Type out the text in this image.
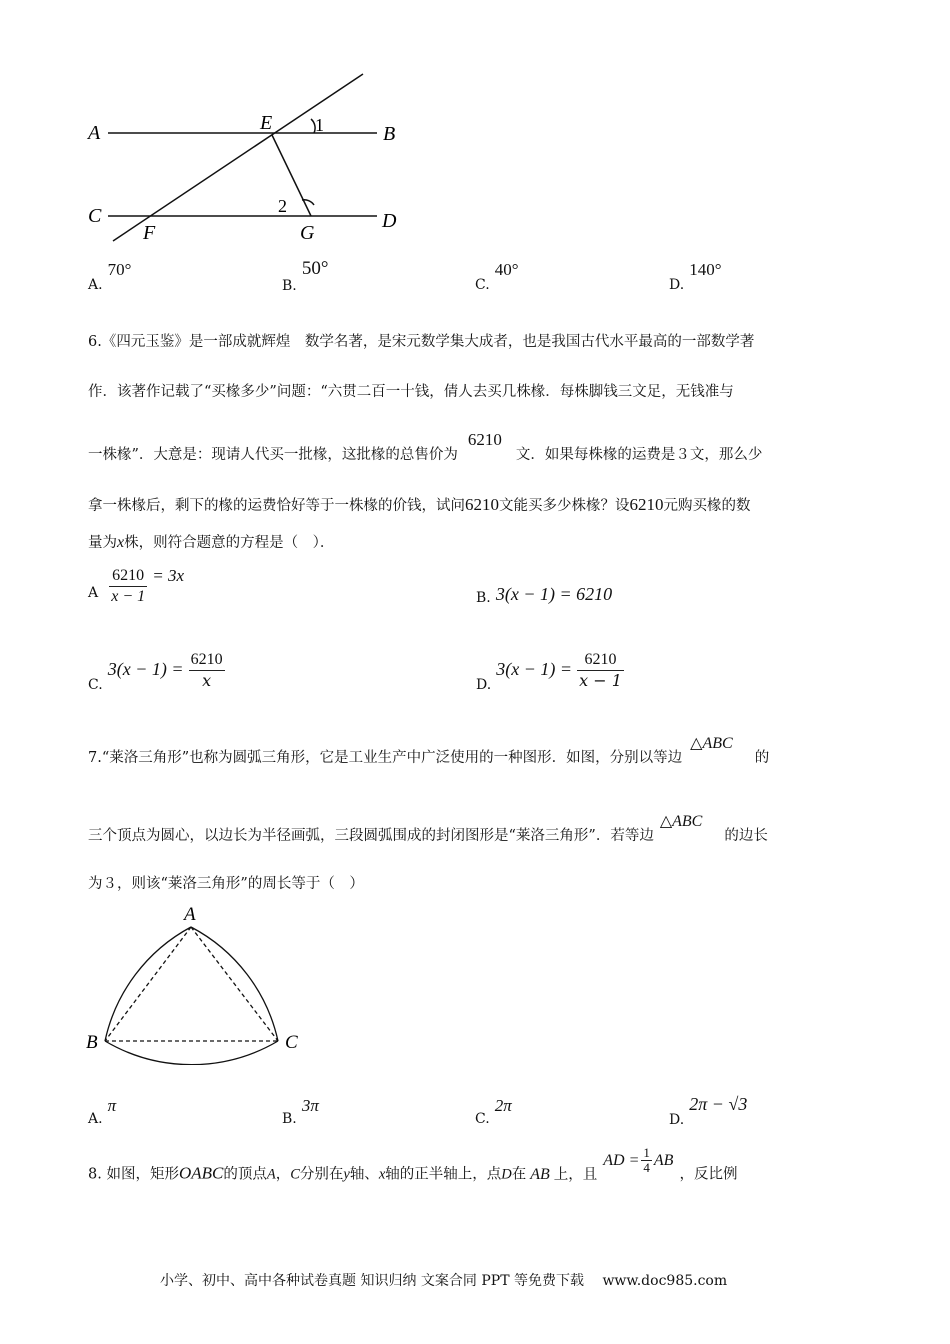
A	B
C	D
E
F	G
1
2
A. 70°
B. 50°
C. 40°
D. 140°
6.《四元玉鉴》是一部成就辉煌　数学名著，是宋元数学集大成者，也是我国古代水平最高的一部数学著
作．该著作记载了“买椽多少”问题：“六贯二百一十钱，倩人去买几株椽．每株脚钱三文足，无钱准与
一株椽”．大意是：现请人代买一批椽，这批椽的总售价为6210文．如果每株椽的运费是３文，那么少
拿一株椽后，剩下的椽的运费恰好等于一株椽的价钱，试问6210文能买多少株椽？设6210元购买椽的数
量为x株，则符合题意的方程是（　）．
A $\frac{6210}{x - 1} = 3x$
B. 3(x − 1) = 6210
C. $3(x - 1) = \frac{6210}{x}$	D. $3(x - 1) = \frac{6210}{x - 1}$
7.“莱洛三角形”也称为圆弧三角形，它是工业生产中广泛使用的一种图形．如图，分别以等边△ABC的
三个顶点为圆心，以边长为半径画弧，三段圆弧围成的封闭图形是“莱洛三角形”．若等边△ABC的边长
为３，则该“莱洛三角形”的周长等于（　）
A
B	C
A. π
B. 3π
C. 2π
D. 2π − √3
8. 如图，矩形OABC的顶点A，C分别在y轴、x轴的正半轴上，点D在 AB 上，且AD = $\frac{1}{4}$ AB，反比例
小学、初中、高中各种试卷真题 知识归纳 文案合同 PPT 等免费下载 www.doc985.com
